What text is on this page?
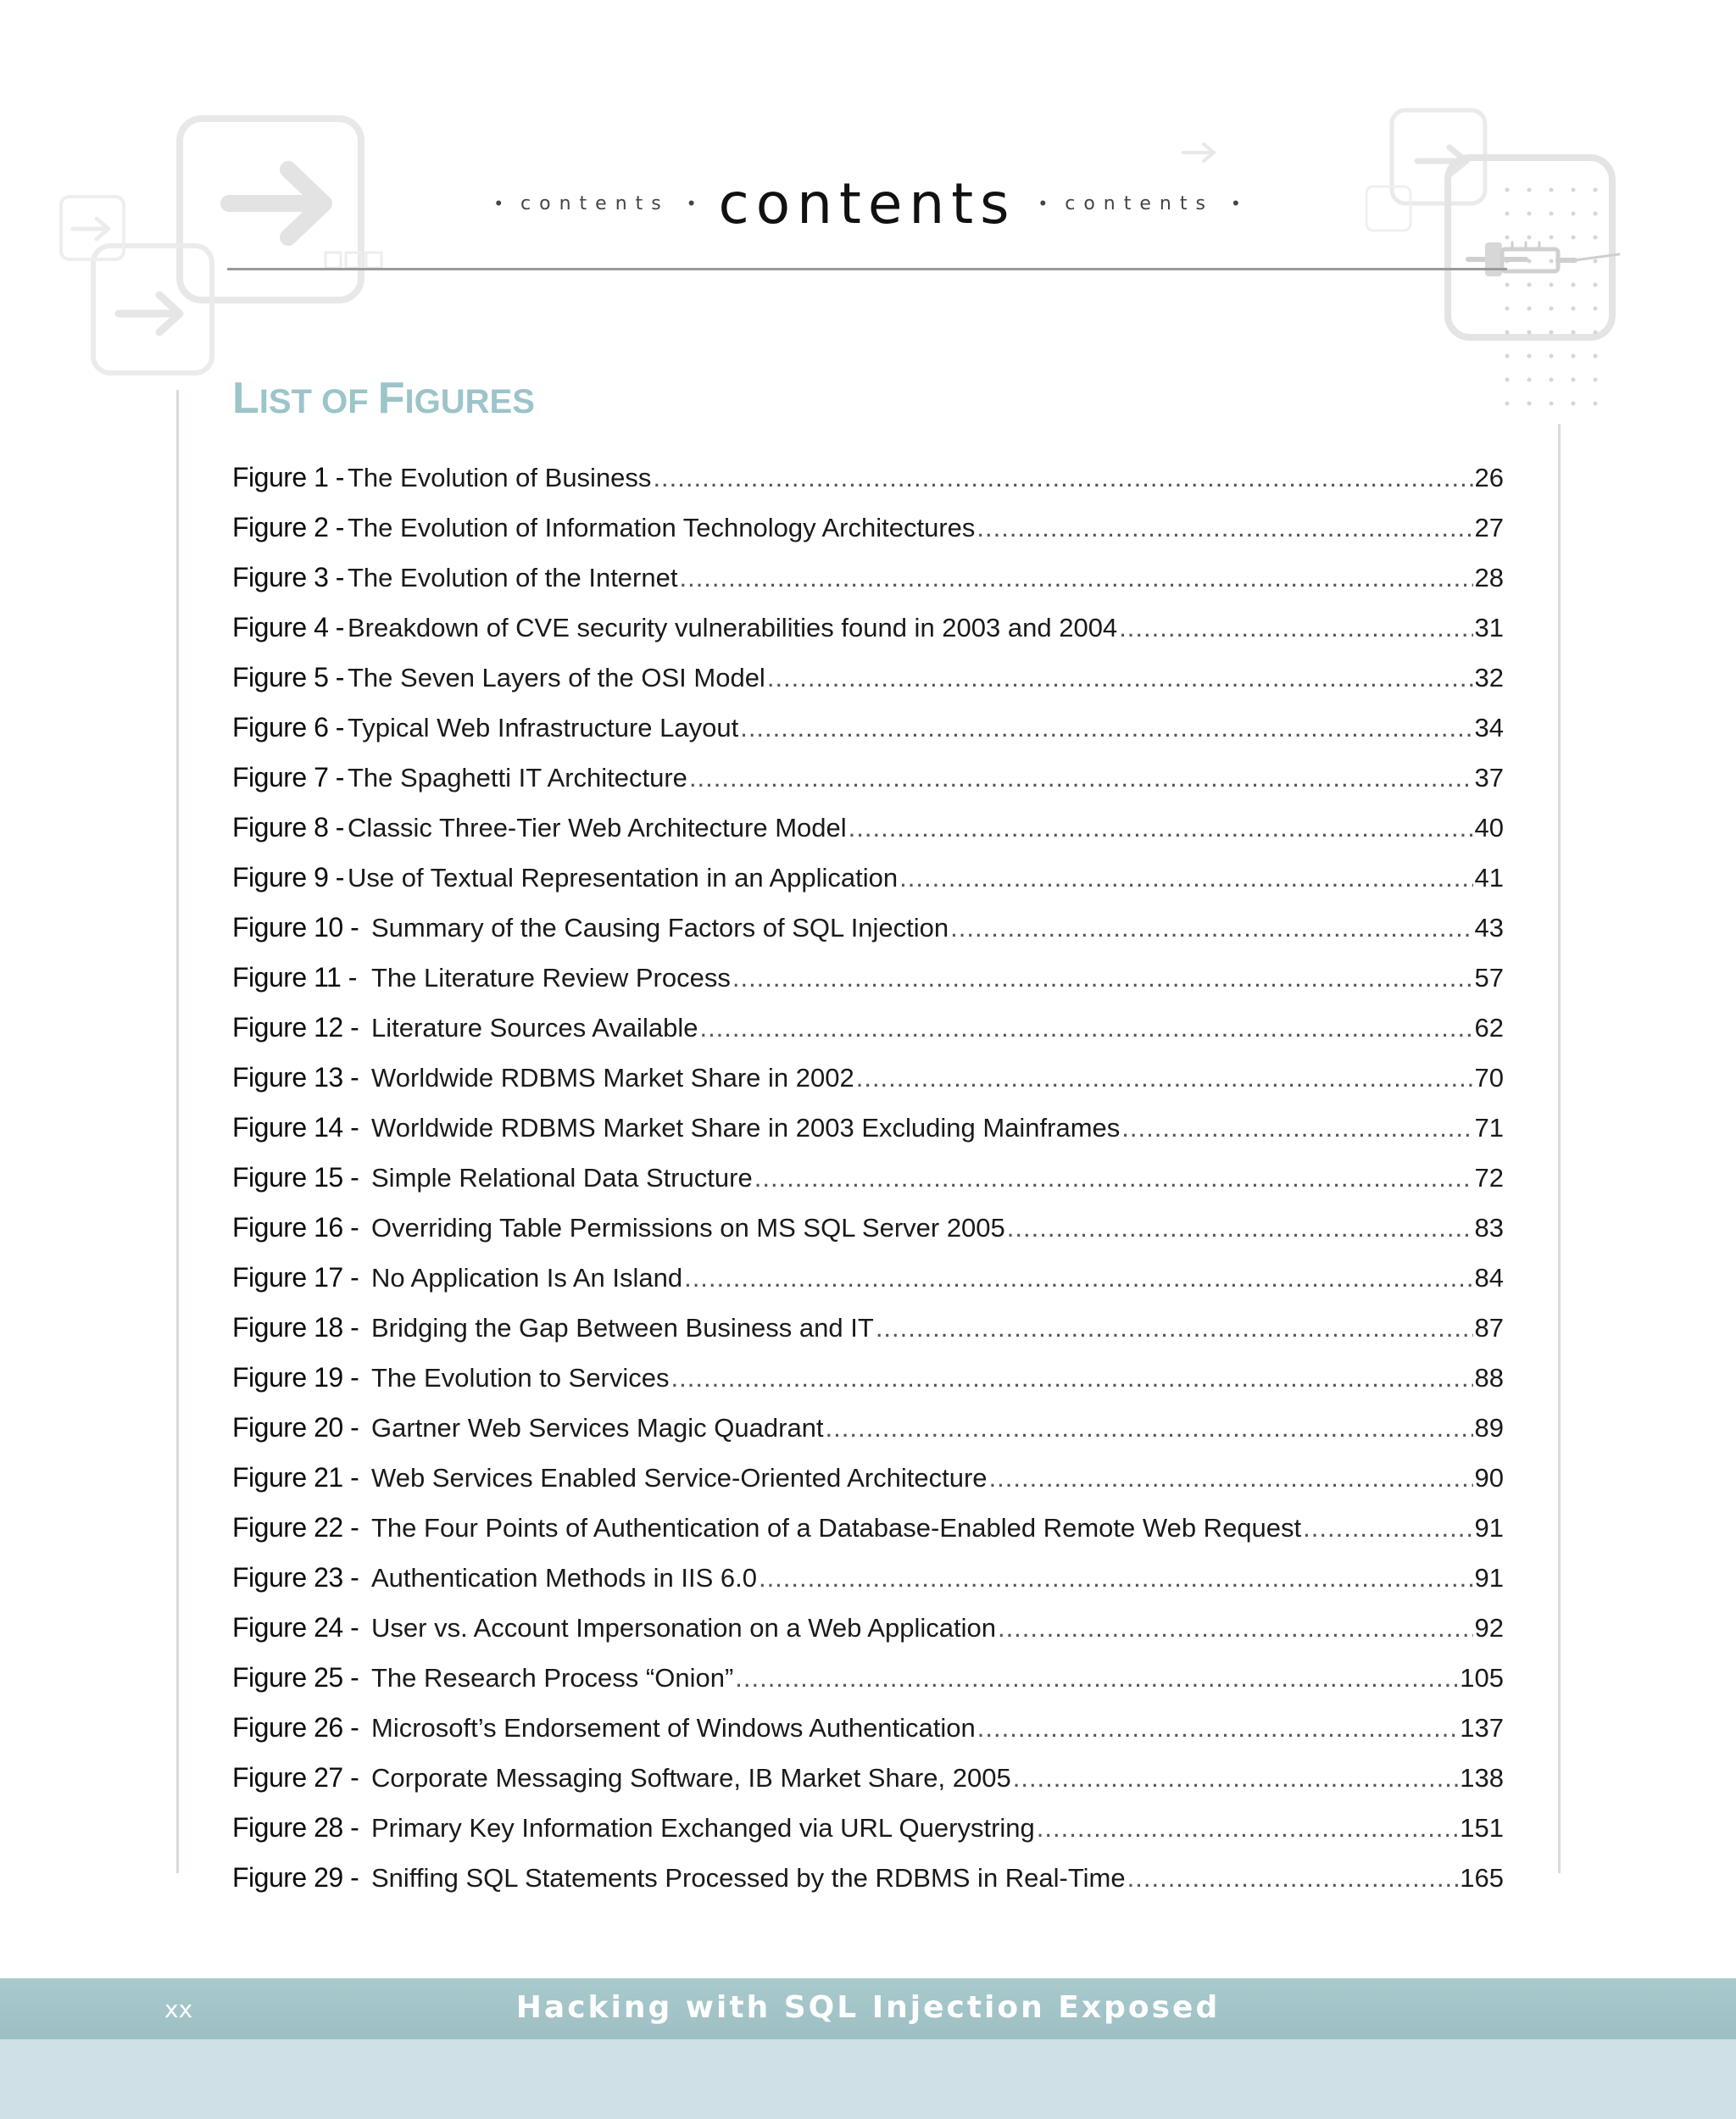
• contents • contents • contents •
LIST OF FIGURES
Figure 1 - The Evolution of Business .....	26
Figure 2 - The Evolution of Information Technology Architectures .....	27
Figure 3 - The Evolution of the Internet .....	28
Figure 4 - Breakdown of CVE security vulnerabilities found in 2003 and 2004 .....	31
Figure 5 - The Seven Layers of the OSI Model .....	32
Figure 6 - Typical Web Infrastructure Layout .....	34
Figure 7 - The Spaghetti IT Architecture .....	37
Figure 8 - Classic Three-Tier Web Architecture Model .....	40
Figure 9 - Use of Textual Representation in an Application .....	41
Figure 10 - Summary of the Causing Factors of SQL Injection .....	43
Figure 11 - The Literature Review Process .....	57
Figure 12 - Literature Sources Available .....	62
Figure 13 - Worldwide RDBMS Market Share in 2002 .....	70
Figure 14 - Worldwide RDBMS Market Share in 2003 Excluding Mainframes .....	71
Figure 15 - Simple Relational Data Structure .....	72
Figure 16 - Overriding Table Permissions on MS SQL Server 2005 .....	83
Figure 17 - No Application Is An Island .....	84
Figure 18 - Bridging the Gap Between Business and IT .....	87
Figure 19 - The Evolution to Services .....	88
Figure 20 - Gartner Web Services Magic Quadrant .....	89
Figure 21 - Web Services Enabled Service-Oriented Architecture .....	90
Figure 22 - The Four Points of Authentication of a Database-Enabled Remote Web Request .....	91
Figure 23 - Authentication Methods in IIS 6.0 .....	91
Figure 24 - User vs. Account Impersonation on a Web Application .....	92
Figure 25 - The Research Process “Onion” .....	105
Figure 26 - Microsoft’s Endorsement of Windows Authentication .....	137
Figure 27 - Corporate Messaging Software, IB Market Share, 2005 .....	138
Figure 28 - Primary Key Information Exchanged via URL Querystring .....	151
Figure 29 - Sniffing SQL Statements Processed by the RDBMS in Real-Time .....	165
xx	Hacking with SQL Injection Exposed
